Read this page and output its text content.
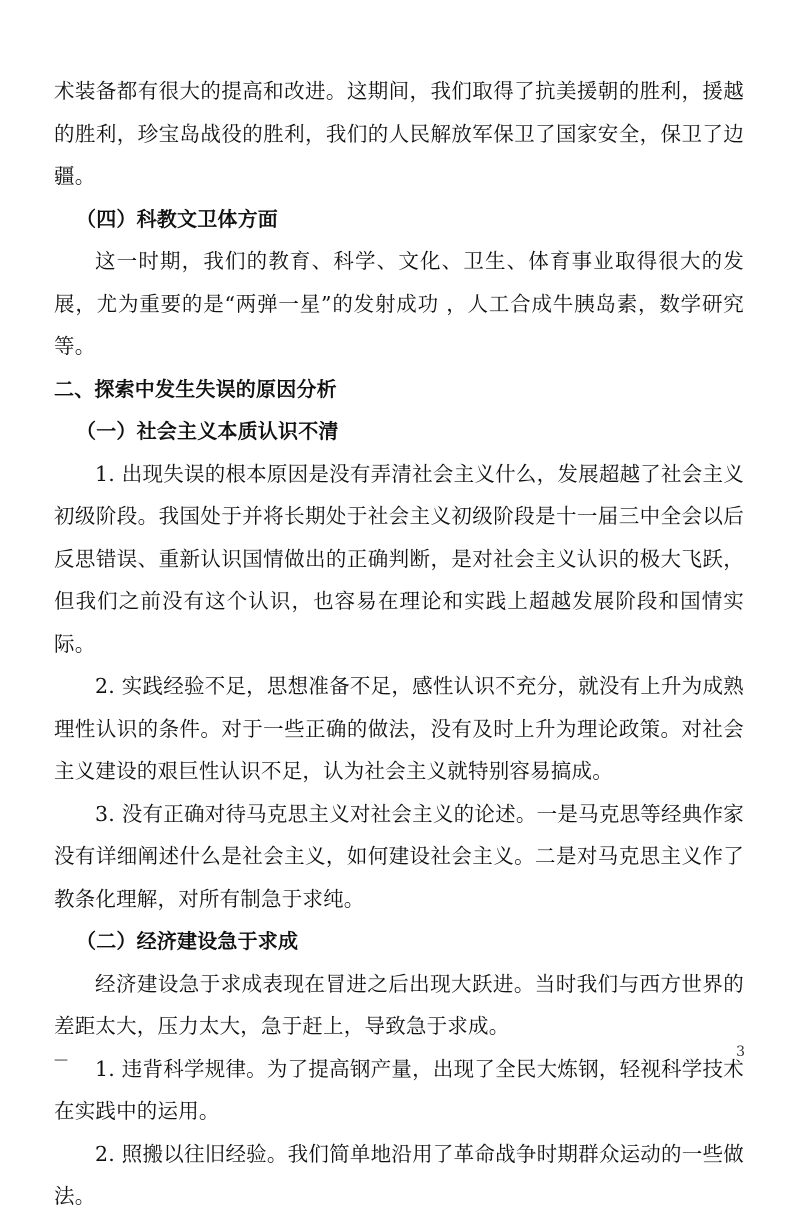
术装备都有很大的提高和改进。这期间，我们取得了抗美援朝的胜利，援越的胜利，珍宝岛战役的胜利，我们的人民解放军保卫了国家安全，保卫了边疆。

（四）科教文卫体方面

这一时期，我们的教育、科学、文化、卫生、体育事业取得很大的发展，尤为重要的是“两弹一星”的发射成功 ，人工合成牛胰岛素，数学研究等。

二、探索中发生失误的原因分析

（一）社会主义本质认识不清

1. 出现失误的根本原因是没有弄清社会主义什么，发展超越了社会主义初级阶段。我国处于并将长期处于社会主义初级阶段是十一届三中全会以后反思错误、重新认识国情做出的正确判断，是对社会主义认识的极大飞跃，但我们之前没有这个认识，也容易在理论和实践上超越发展阶段和国情实际。

2. 实践经验不足，思想准备不足，感性认识不充分，就没有上升为成熟理性认识的条件。对于一些正确的做法，没有及时上升为理论政策。对社会主义建设的艰巨性认识不足，认为社会主义就特别容易搞成。

3. 没有正确对待马克思主义对社会主义的论述。一是马克思等经典作家没有详细阐述什么是社会主义，如何建设社会主义。二是对马克思主义作了教条化理解，对所有制急于求纯。

（二）经济建设急于求成

经济建设急于求成表现在冒进之后出现大跃进。当时我们与西方世界的差距太大，压力太大，急于赶上，导致急于求成。

1. 违背科学规律。为了提高钢产量，出现了全民大炼钢，轻视科学技术在实践中的运用。

2. 照搬以往旧经验。我们简单地沿用了革命战争时期群众运动的一些做法。

—	3
